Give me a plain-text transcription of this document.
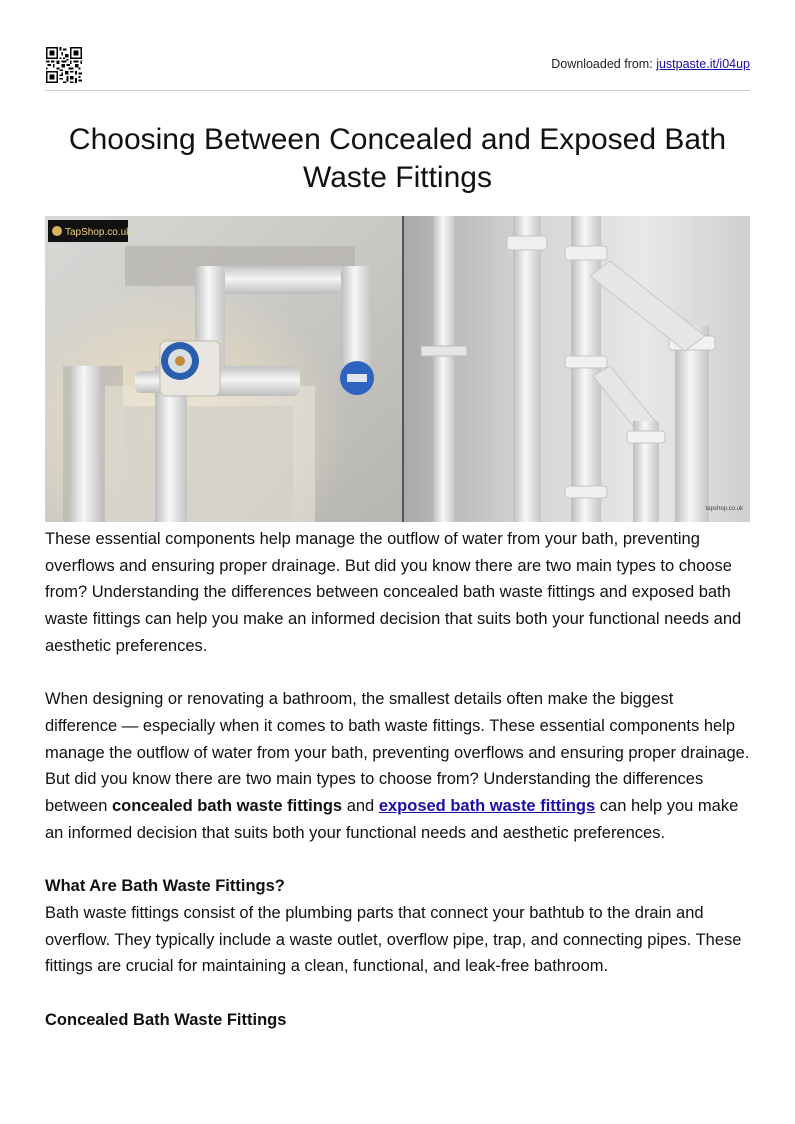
Downloaded from: justpaste.it/i04up
Choosing Between Concealed and Exposed Bath Waste Fittings
TapShop.co.uk
tapshop.co.uk

These essential components help manage the outflow of water from your bath, preventing overflows and ensuring proper drainage. But did you know there are two main types to choose from? Understanding the differences between concealed bath waste fittings and exposed bath waste fittings can help you make an informed decision that suits both your functional needs and aesthetic preferences.

When designing or renovating a bathroom, the smallest details often make the biggest difference — especially when it comes to bath waste fittings. These essential components help manage the outflow of water from your bath, preventing overflows and ensuring proper drainage. But did you know there are two main types to choose from? Understanding the differences between concealed bath waste fittings and exposed bath waste fittings can help you make an informed decision that suits both your functional needs and aesthetic preferences.

What Are Bath Waste Fittings?
Bath waste fittings consist of the plumbing parts that connect your bathtub to the drain and overflow. They typically include a waste outlet, overflow pipe, trap, and connecting pipes. These fittings are crucial for maintaining a clean, functional, and leak-free bathroom.
Concealed Bath Waste Fittings
